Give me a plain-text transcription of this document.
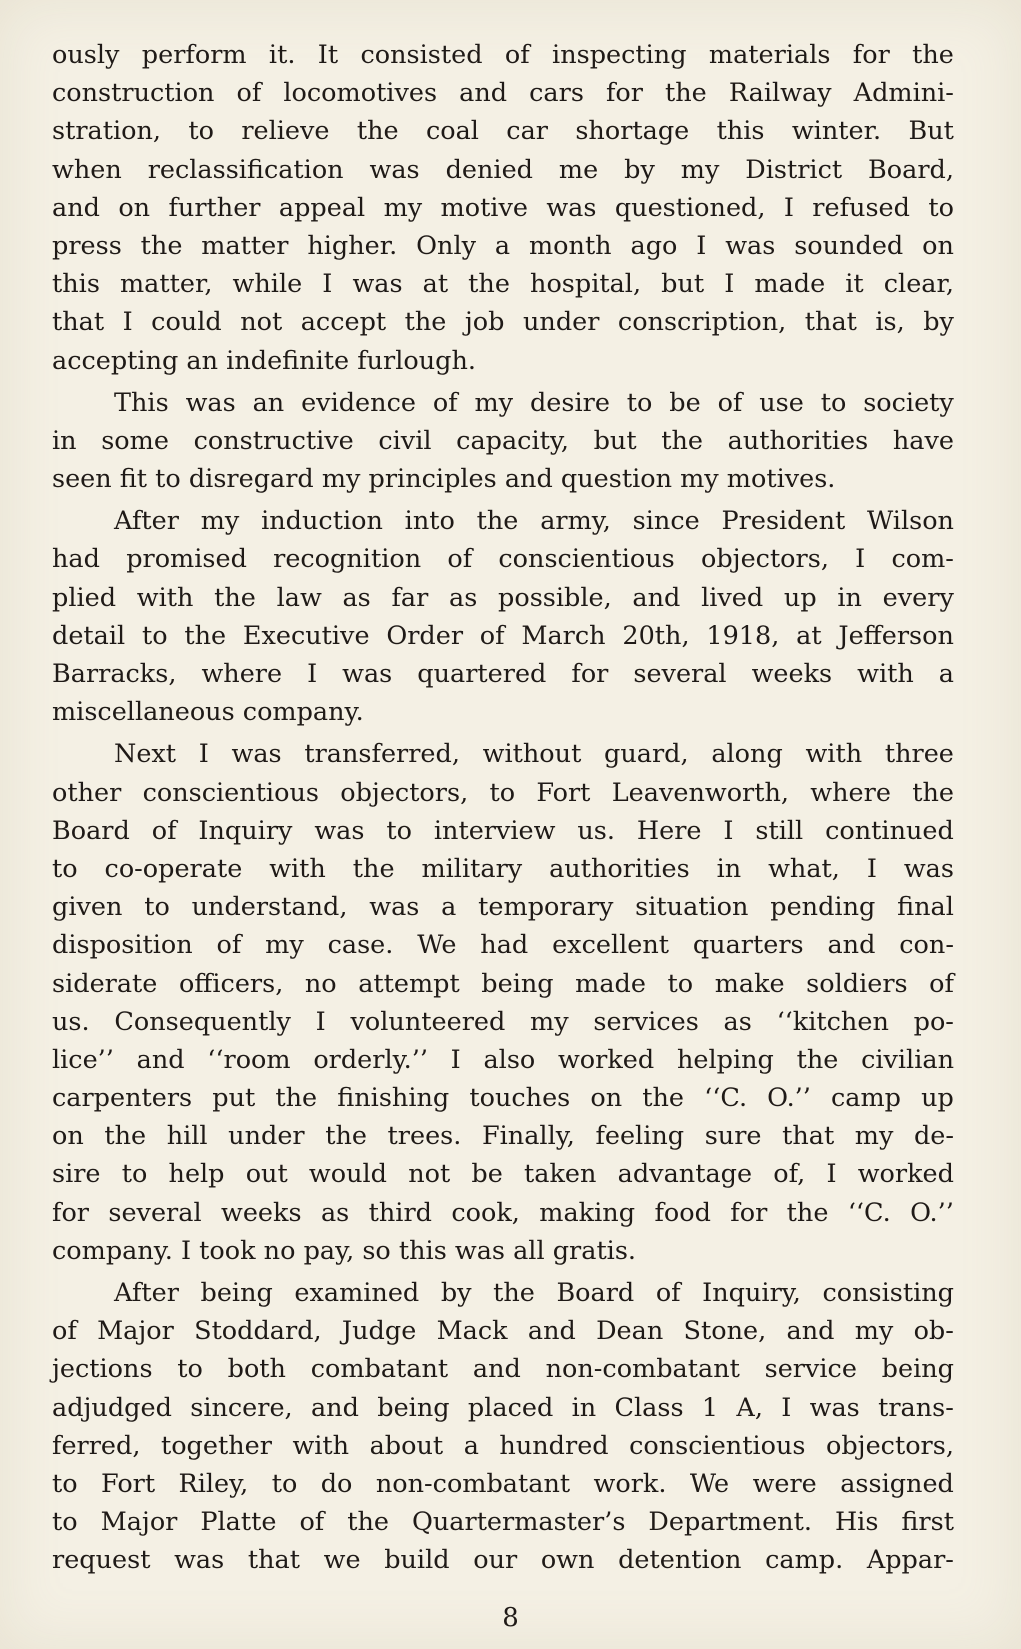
ously perform it. It consisted of inspecting materials for the
construction of locomotives and cars for the Railway Admini-
stration, to relieve the coal car shortage this winter. But
when reclassification was denied me by my District Board,
and on further appeal my motive was questioned, I refused to
press the matter higher. Only a month ago I was sounded on
this matter, while I was at the hospital, but I made it clear,
that I could not accept the job under conscription, that is, by
accepting an indefinite furlough.
This was an evidence of my desire to be of use to society
in some constructive civil capacity, but the authorities have
seen fit to disregard my principles and question my motives.
After my induction into the army, since President Wilson
had promised recognition of conscientious objectors, I com-
plied with the law as far as possible, and lived up in every
detail to the Executive Order of March 20th, 1918, at Jefferson
Barracks, where I was quartered for several weeks with a
miscellaneous company.
Next I was transferred, without guard, along with three
other conscientious objectors, to Fort Leavenworth, where the
Board of Inquiry was to interview us. Here I still continued
to co-operate with the military authorities in what, I was
given to understand, was a temporary situation pending final
disposition of my case. We had excellent quarters and con-
siderate officers, no attempt being made to make soldiers of
us. Consequently I volunteered my services as ‘‘kitchen po-
lice’’ and ‘‘room orderly.’’ I also worked helping the civilian
carpenters put the finishing touches on the ‘‘C. O.’’ camp up
on the hill under the trees. Finally, feeling sure that my de-
sire to help out would not be taken advantage of, I worked
for several weeks as third cook, making food for the ‘‘C. O.’’
company. I took no pay, so this was all gratis.
After being examined by the Board of Inquiry, consisting
of Major Stoddard, Judge Mack and Dean Stone, and my ob-
jections to both combatant and non-combatant service being
adjudged sincere, and being placed in Class 1 A, I was trans-
ferred, together with about a hundred conscientious objectors,
to Fort Riley, to do non-combatant work. We were assigned
to Major Platte of the Quartermaster’s Department. His first
request was that we build our own detention camp. Appar-
8
